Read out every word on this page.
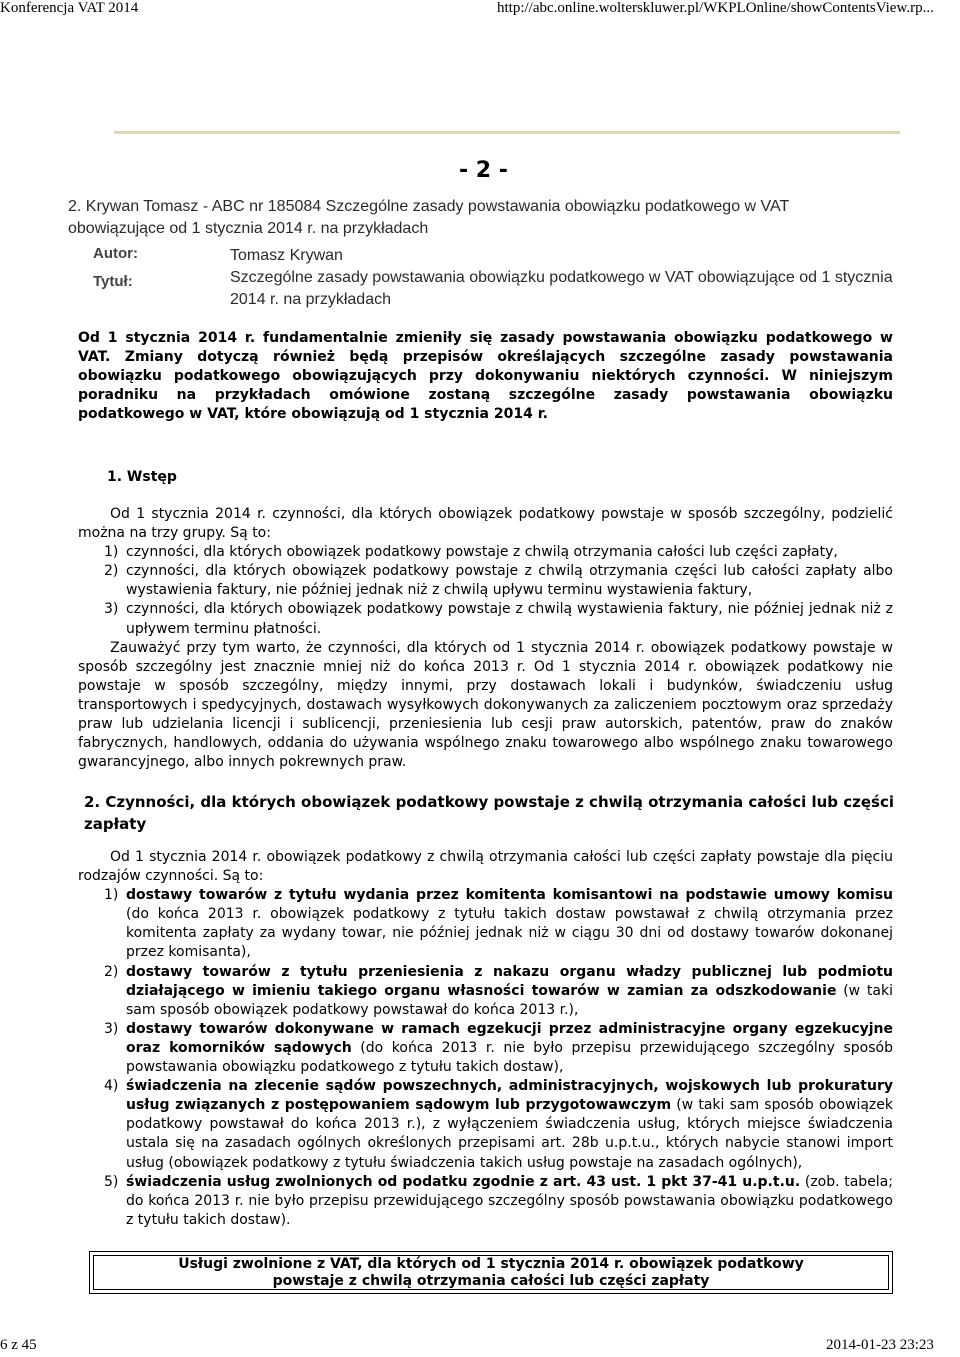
Konferencja VAT 2014	http://abc.online.wolterskluwer.pl/WKPLOnline/showContentsView.rp...
- 2 -
2. Krywan Tomasz - ABC nr 185084 Szczególne zasady powstawania obowiązku podatkowego w VAT
obowiązujące od 1 stycznia 2014 r. na przykładach
Autor:
Tytuł:
Tomasz Krywan
Szczególne zasady powstawania obowiązku podatkowego w VAT obowiązujące od 1 stycznia
2014 r. na przykładach
Od 1 stycznia 2014 r. fundamentalnie zmieniły się zasady powstawania obowiązku podatkowego w VAT. Zmiany dotyczą również będą przepisów określających szczególne zasady powstawania obowiązku podatkowego obowiązujących przy dokonywaniu niektórych czynności. W niniejszym poradniku na przykładach omówione zostaną szczególne zasady powstawania obowiązku podatkowego w VAT, które obowiązują od 1 stycznia 2014 r.
1. Wstęp
Od 1 stycznia 2014 r. czynności, dla których obowiązek podatkowy powstaje w sposób szczególny, podzielić można na trzy grupy. Są to:
1) czynności, dla których obowiązek podatkowy powstaje z chwilą otrzymania całości lub części zapłaty,
2) czynności, dla których obowiązek podatkowy powstaje z chwilą otrzymania części lub całości zapłaty albo wystawienia faktury, nie później jednak niż z chwilą upływu terminu wystawienia faktury,
3) czynności, dla których obowiązek podatkowy powstaje z chwilą wystawienia faktury, nie później jednak niż z upływem terminu płatności.
Zauważyć przy tym warto, że czynności, dla których od 1 stycznia 2014 r. obowiązek podatkowy powstaje w sposób szczególny jest znacznie mniej niż do końca 2013 r. Od 1 stycznia 2014 r. obowiązek podatkowy nie powstaje w sposób szczególny, między innymi, przy dostawach lokali i budynków, świadczeniu usług transportowych i spedycyjnych, dostawach wysyłkowych dokonywanych za zaliczeniem pocztowym oraz sprzedaży praw lub udzielania licencji i sublicencji, przeniesienia lub cesji praw autorskich, patentów, praw do znaków fabrycznych, handlowych, oddania do używania wspólnego znaku towarowego albo wspólnego znaku towarowego gwarancyjnego, albo innych pokrewnych praw.
2. Czynności, dla których obowiązek podatkowy powstaje z chwilą otrzymania całości lub części zapłaty
Od 1 stycznia 2014 r. obowiązek podatkowy z chwilą otrzymania całości lub części zapłaty powstaje dla pięciu rodzajów czynności. Są to:
1) dostawy towarów z tytułu wydania przez komitenta komisantowi na podstawie umowy komisu (do końca 2013 r. obowiązek podatkowy z tytułu takich dostaw powstawał z chwilą otrzymania przez komitenta zapłaty za wydany towar, nie później jednak niż w ciągu 30 dni od dostawy towarów dokonanej przez komisanta),
2) dostawy towarów z tytułu przeniesienia z nakazu organu władzy publicznej lub podmiotu działającego w imieniu takiego organu własności towarów w zamian za odszkodowanie (w taki sam sposób obowiązek podatkowy powstawał do końca 2013 r.),
3) dostawy towarów dokonywane w ramach egzekucji przez administracyjne organy egzekucyjne oraz komorników sądowych (do końca 2013 r. nie było przepisu przewidującego szczególny sposób powstawania obowiązku podatkowego z tytułu takich dostaw),
4) świadczenia na zlecenie sądów powszechnych, administracyjnych, wojskowych lub prokuratury usług związanych z postępowaniem sądowym lub przygotowawczym (w taki sam sposób obowiązek podatkowy powstawał do końca 2013 r.), z wyłączeniem świadczenia usług, których miejsce świadczenia ustala się na zasadach ogólnych określonych przepisami art. 28b u.p.t.u., których nabycie stanowi import usług (obowiązek podatkowy z tytułu świadczenia takich usług powstaje na zasadach ogólnych),
5) świadczenia usług zwolnionych od podatku zgodnie z art. 43 ust. 1 pkt 37-41 u.p.t.u. (zob. tabela; do końca 2013 r. nie było przepisu przewidującego szczególny sposób powstawania obowiązku podatkowego z tytułu takich dostaw).
Usługi zwolnione z VAT, dla których od 1 stycznia 2014 r. obowiązek podatkowy
powstaje z chwilą otrzymania całości lub części zapłaty
6 z 45	2014-01-23 23:23
